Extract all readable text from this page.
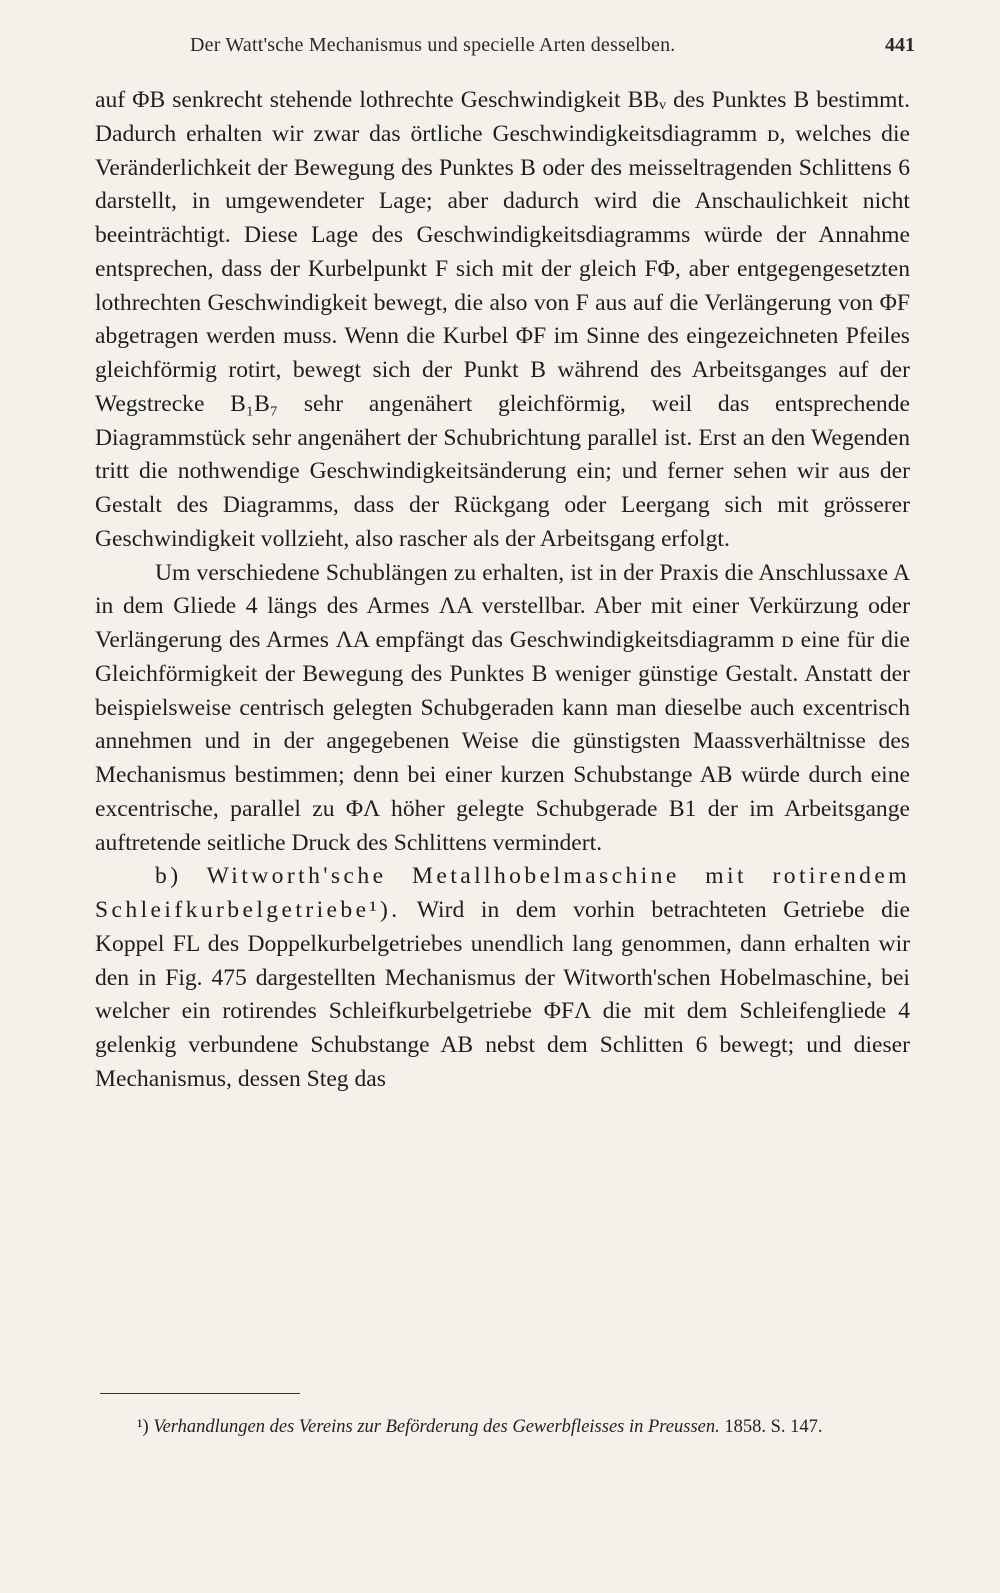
Der Watt'sche Mechanismus und specielle Arten desselben.	441

auf ΦB senkrecht stehende lothrechte Geschwindigkeit BBᵥ des Punktes B bestimmt. Dadurch erhalten wir zwar das örtliche Geschwindigkeitsdiagramm ᴅ, welches die Veränderlichkeit der Bewegung des Punktes B oder des meisseltragenden Schlittens 6 darstellt, in umgewendeter Lage; aber dadurch wird die Anschaulichkeit nicht beeinträchtigt. Diese Lage des Geschwindigkeitsdiagramms würde der Annahme entsprechen, dass der Kurbelpunkt F sich mit der gleich FΦ, aber entgegengesetzten lothrechten Geschwindigkeit bewegt, die also von F aus auf die Verlängerung von ΦF abgetragen werden muss. Wenn die Kurbel ΦF im Sinne des eingezeichneten Pfeiles gleichförmig rotirt, bewegt sich der Punkt B während des Arbeitsganges auf der Wegstrecke B₁B₇ sehr angenähert gleichförmig, weil das entsprechende Diagrammstück sehr angenähert der Schubrichtung parallel ist. Erst an den Wegenden tritt die nothwendige Geschwindigkeitsänderung ein; und ferner sehen wir aus der Gestalt des Diagramms, dass der Rückgang oder Leergang sich mit grösserer Geschwindigkeit vollzieht, also rascher als der Arbeitsgang erfolgt.

Um verschiedene Schublängen zu erhalten, ist in der Praxis die Anschlussaxe A in dem Gliede 4 längs des Armes ΛA verstellbar. Aber mit einer Verkürzung oder Verlängerung des Armes ΛA empfängt das Geschwindigkeitsdiagramm ᴅ eine für die Gleichförmigkeit der Bewegung des Punktes B weniger günstige Gestalt. Anstatt der beispielsweise centrisch gelegten Schubgeraden kann man dieselbe auch excentrisch annehmen und in der angegebenen Weise die günstigsten Maassverhältnisse des Mechanismus bestimmen; denn bei einer kurzen Schubstange AB würde durch eine excentrische, parallel zu ΦΛ höher gelegte Schubgerade B1 der im Arbeitsgange auftretende seitliche Druck des Schlittens vermindert.

b) Witworth'sche Metallhobelmaschine mit rotirendem Schleifkurbelgetriebe¹). Wird in dem vorhin betrachteten Getriebe die Koppel FL des Doppelkurbelgetriebes unendlich lang genommen, dann erhalten wir den in Fig. 475 dargestellten Mechanismus der Witworth'schen Hobelmaschine, bei welcher ein rotirendes Schleifkurbelgetriebe ΦFΛ die mit dem Schleifengliede 4 gelenkig verbundene Schubstange AB nebst dem Schlitten 6 bewegt; und dieser Mechanismus, dessen Steg das

¹) Verhandlungen des Vereins zur Beförderung des Gewerbfleisses in Preussen. 1858. S. 147.
